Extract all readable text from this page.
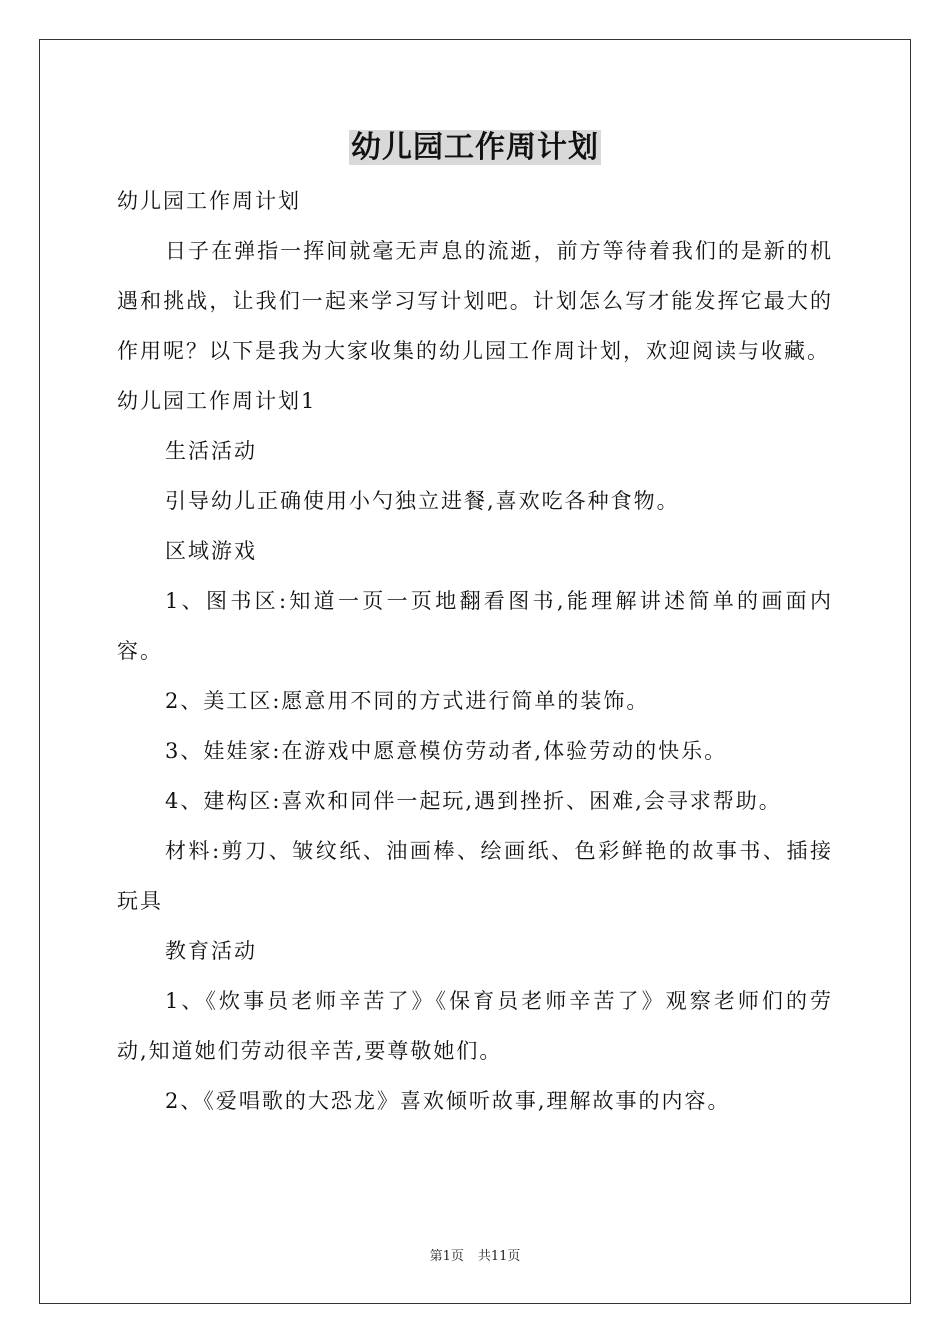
幼儿园工作周计划

幼儿园工作周计划

日子在弹指一挥间就毫无声息的流逝，前方等待着我们的是新的机遇和挑战，让我们一起来学习写计划吧。计划怎么写才能发挥它最大的作用呢？以下是我为大家收集的幼儿园工作周计划，欢迎阅读与收藏。

幼儿园工作周计划1

生活活动

引导幼儿正确使用小勺独立进餐,喜欢吃各种食物。

区域游戏

1、图书区:知道一页一页地翻看图书,能理解讲述简单的画面内容。

2、美工区:愿意用不同的方式进行简单的装饰。

3、娃娃家:在游戏中愿意模仿劳动者,体验劳动的快乐。

4、建构区:喜欢和同伴一起玩,遇到挫折、困难,会寻求帮助。

材料:剪刀、皱纹纸、油画棒、绘画纸、色彩鲜艳的故事书、插接玩具

教育活动

1、《炊事员老师辛苦了》《保育员老师辛苦了》观察老师们的劳动,知道她们劳动很辛苦,要尊敬她们。

2、《爱唱歌的大恐龙》喜欢倾听故事,理解故事的内容。

第1页 共11页
